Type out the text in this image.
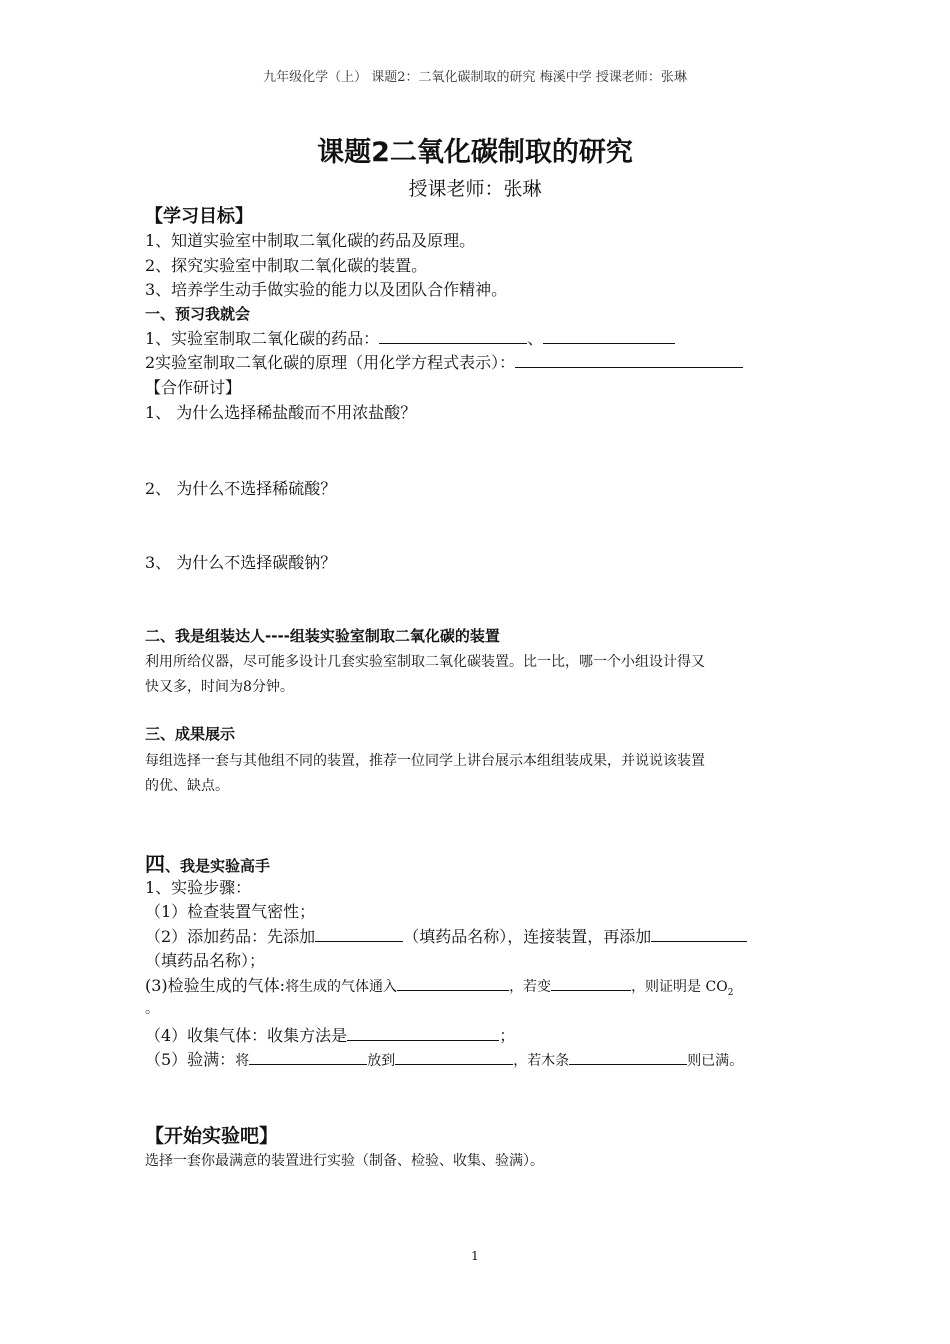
九年级化学（上） 课题2：二氧化碳制取的研究 梅溪中学 授课老师：张琳
课题2二氧化碳制取的研究
授课老师：张琳
【学习目标】
1、知道实验室中制取二氧化碳的药品及原理。
2、探究实验室中制取二氧化碳的装置。
3、培养学生动手做实验的能力以及团队合作精神。
一、预习我就会
1、实验室制取二氧化碳的药品：	、
2实验室制取二氧化碳的原理（用化学方程式表示）：
【合作研讨】
1、 为什么选择稀盐酸而不用浓盐酸？
2、 为什么不选择稀硫酸？
3、 为什么不选择碳酸钠？
二、我是组装达人----组装实验室制取二氧化碳的装置
利用所给仪器，尽可能多设计几套实验室制取二氧化碳装置。比一比，哪一个小组设计得又
快又多，时间为8分钟。
三、成果展示
每组选择一套与其他组不同的装置，推荐一位同学上讲台展示本组组装成果，并说说该装置
的优、缺点。
四、我是实验高手
1、实验步骤：
（1）检查装置气密性；
（2）添加药品：先添加	（填药品名称），连接装置，再添加
（填药品名称）；
(3)检验生成的气体:将生成的气体通入	，若变	，则证明是 $CO_2$
。
（4）收集气体：收集方法是	；
（5）验满：将	放到	，若木条	则已满。
【开始实验吧】
选择一套你最满意的装置进行实验（制备、检验、收集、验满）。
1
